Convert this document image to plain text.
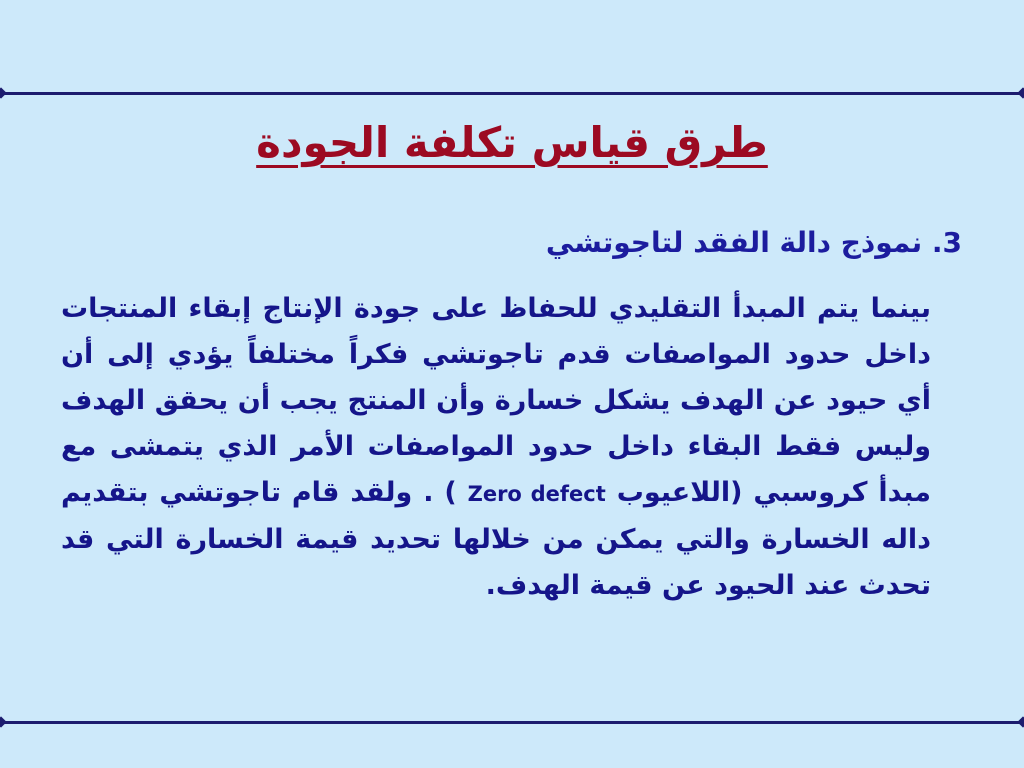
طرق قياس تكلفة الجودة

3. نموذج دالة الفقد لتاجوتشي

بينما يتم المبدأ التقليدي للحفاظ على جودة الإنتاج إبقاء المنتجات داخل حدود المواصفات قدم تاجوتشي فكراً مختلفاً يؤدي إلى أن أي حيود عن الهدف يشكل خسارة وأن المنتج يجب أن يحقق الهدف وليس فقط البقاء داخل حدود المواصفات الأمر الذي يتمشى مع مبدأ كروسبي (اللاعيوب Zero defect ) . ولقد قام تاجوتشي بتقديم داله الخسارة والتي يمكن من خلالها تحديد قيمة الخسارة التي قد تحدث عند الحيود عن قيمة الهدف.
